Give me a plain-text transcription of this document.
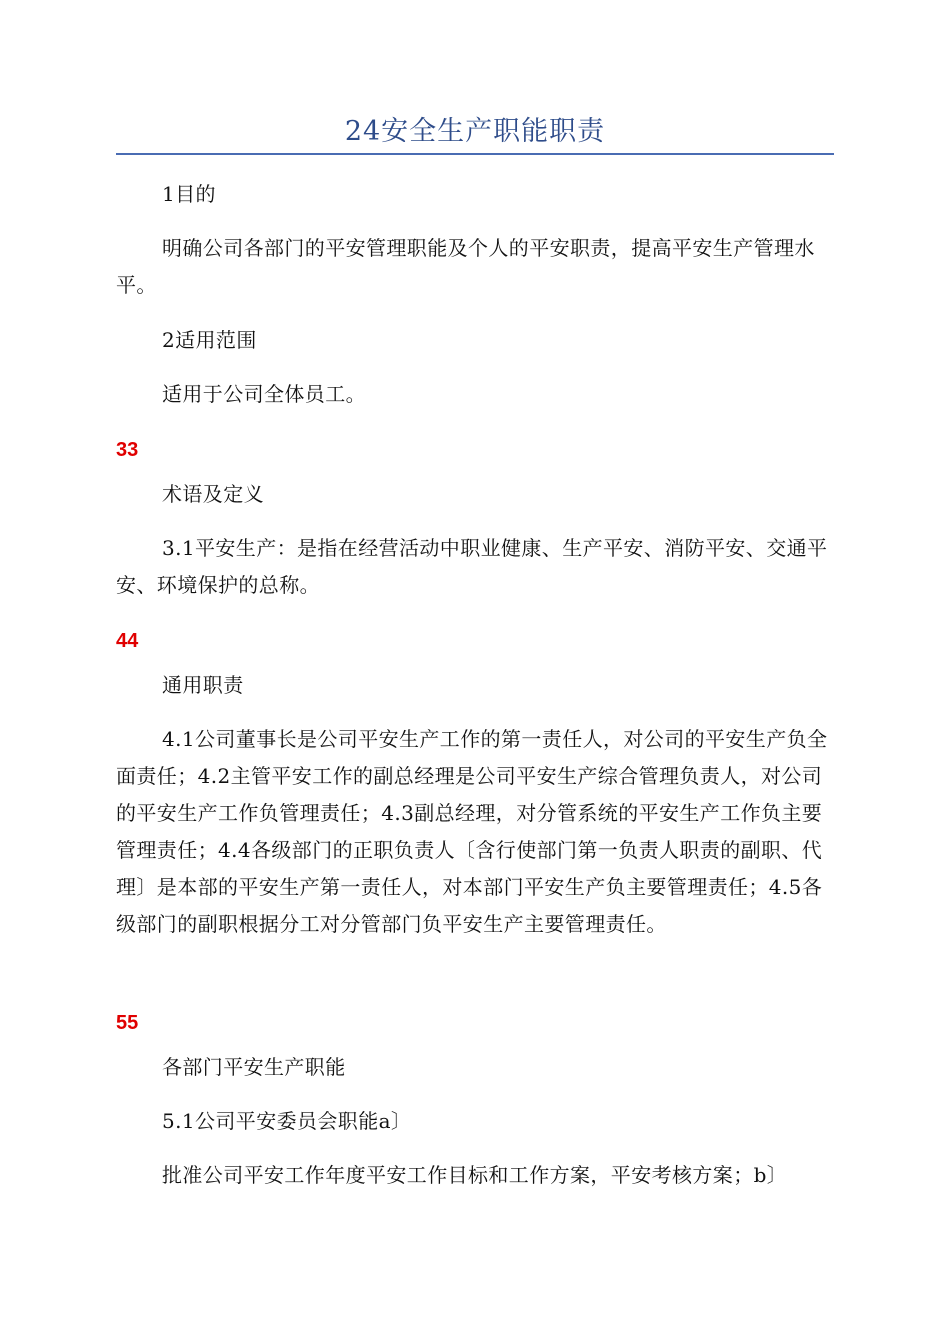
24安全生产职能职责

1目的

明确公司各部门的平安管理职能及个人的平安职责，提高平安生产管理水平。

2适用范围

适用于公司全体员工。

33

术语及定义

3.1平安生产：是指在经营活动中职业健康、生产平安、消防平安、交通平安、环境保护的总称。

44

通用职责

4.1公司董事长是公司平安生产工作的第一责任人，对公司的平安生产负全面责任；4.2主管平安工作的副总经理是公司平安生产综合管理负责人，对公司的平安生产工作负管理责任；4.3副总经理，对分管系统的平安生产工作负主要管理责任；4.4各级部门的正职负责人〔含行使部门第一负责人职责的副职、代理〕是本部的平安生产第一责任人，对本部门平安生产负主要管理责任；4.5各级部门的副职根据分工对分管部门负平安生产主要管理责任。

55

各部门平安生产职能

5.1公司平安委员会职能a〕

批准公司平安工作年度平安工作目标和工作方案，平安考核方案；b〕
